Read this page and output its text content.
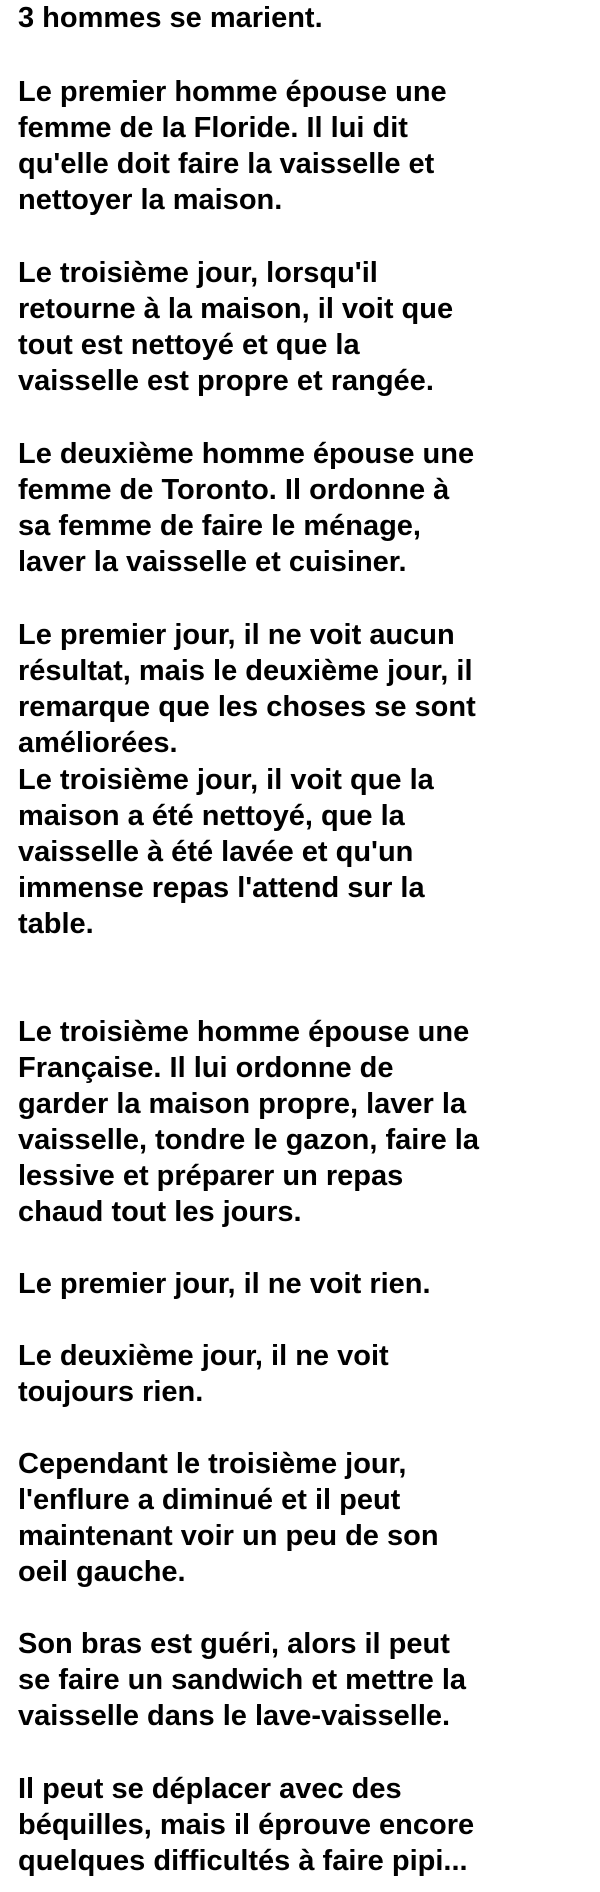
3 hommes se marient.
Le premier homme épouse une
femme de la Floride. Il lui dit
qu'elle doit faire la vaisselle et
nettoyer la maison.
Le troisième jour, lorsqu'il
retourne à la maison, il voit que
tout est nettoyé et que la
vaisselle est propre et rangée.
Le deuxième homme épouse une
femme de Toronto. Il ordonne à
sa femme de faire le ménage,
laver la vaisselle et cuisiner.
Le premier jour, il ne voit aucun
résultat, mais le deuxième jour, il
remarque que les choses se sont
améliorées.
Le troisième jour, il voit que la
maison a été nettoyé, que la
vaisselle à été lavée et qu'un
immense repas l'attend sur la
table.
Le troisième homme épouse une
Française. Il lui ordonne de
garder la maison propre, laver la
vaisselle, tondre le gazon, faire la
lessive et préparer un repas
chaud tout les jours.
Le premier jour, il ne voit rien.
Le deuxième jour, il ne voit
toujours rien.
Cependant le troisième jour,
l'enflure a diminué et il peut
maintenant voir un peu de son
oeil gauche.
Son bras est guéri, alors il peut
se faire un sandwich et mettre la
vaisselle dans le lave-vaisselle.
Il peut se déplacer avec des
béquilles, mais il éprouve encore
quelques difficultés à faire pipi...
